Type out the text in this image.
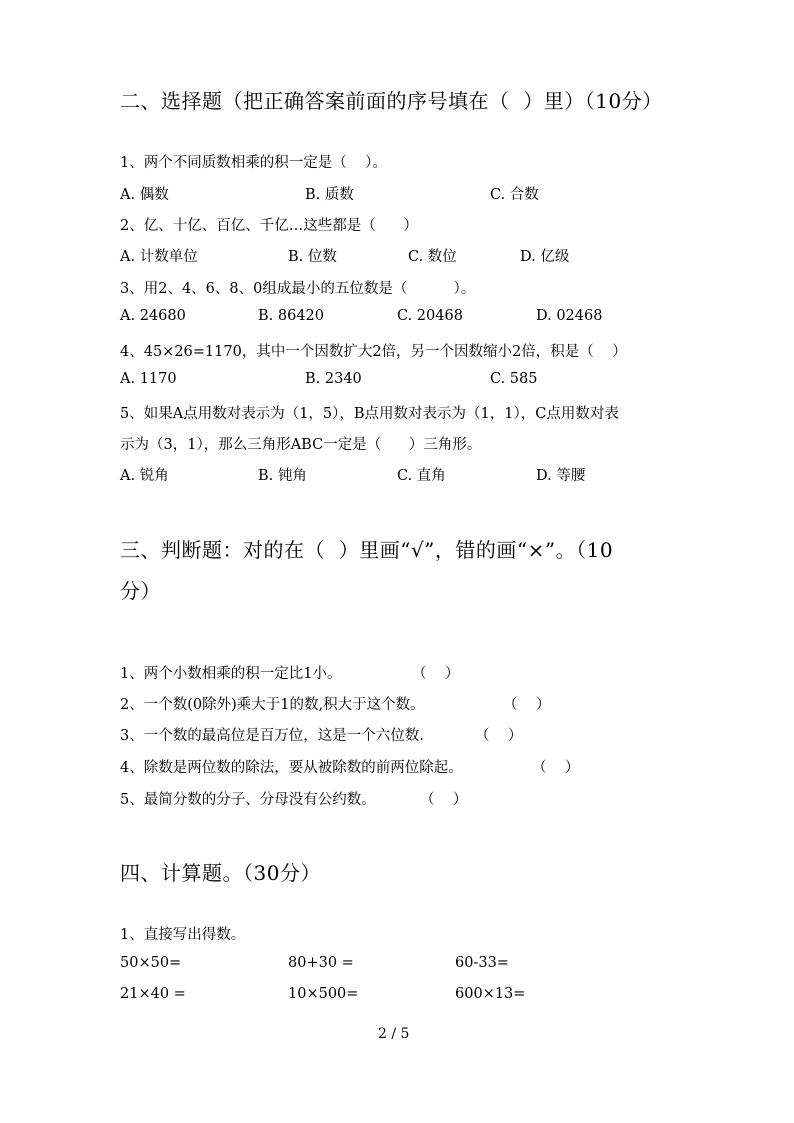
二、选择题（把正确答案前面的序号填在（  ）里）（10分）
1、两个不同质数相乘的积一定是（    ）。
A. 偶数	B. 质数	C. 合数
2、亿、十亿、百亿、千亿…这些都是（      ）
A. 计数单位	B. 位数	C. 数位	D. 亿级
3、用2、4、6、8、0组成最小的五位数是（          ）。
A. 24680	B. 86420	C. 20468	D. 02468
4、45×26=1170，其中一个因数扩大2倍，另一个因数缩小2倍，积是（    ）
A. 1170	B. 2340	C. 585
5、如果A点用数对表示为（1，5），B点用数对表示为（1，1），C点用数对表
示为（3，1），那么三角形ABC一定是（      ）三角形。
A. 锐角	B. 钝角	C. 直角	D. 等腰
三、判断题：对的在（  ）里画“√”，错的画“×”。（10
分）
1、两个小数相乘的积一定比1小。	（    ）
2、一个数(0除外)乘大于1的数,积大于这个数。	（    ）
3、一个数的最高位是百万位，这是一个六位数.	（    ）
4、除数是两位数的除法，要从被除数的前两位除起。	（    ）
5、最简分数的分子、分母没有公约数。	（    ）
四、计算题。（30分）
1、直接写出得数。
50×50=	80+30 =	60-33=
21×40 =	10×500=	600×13=
2 / 5
